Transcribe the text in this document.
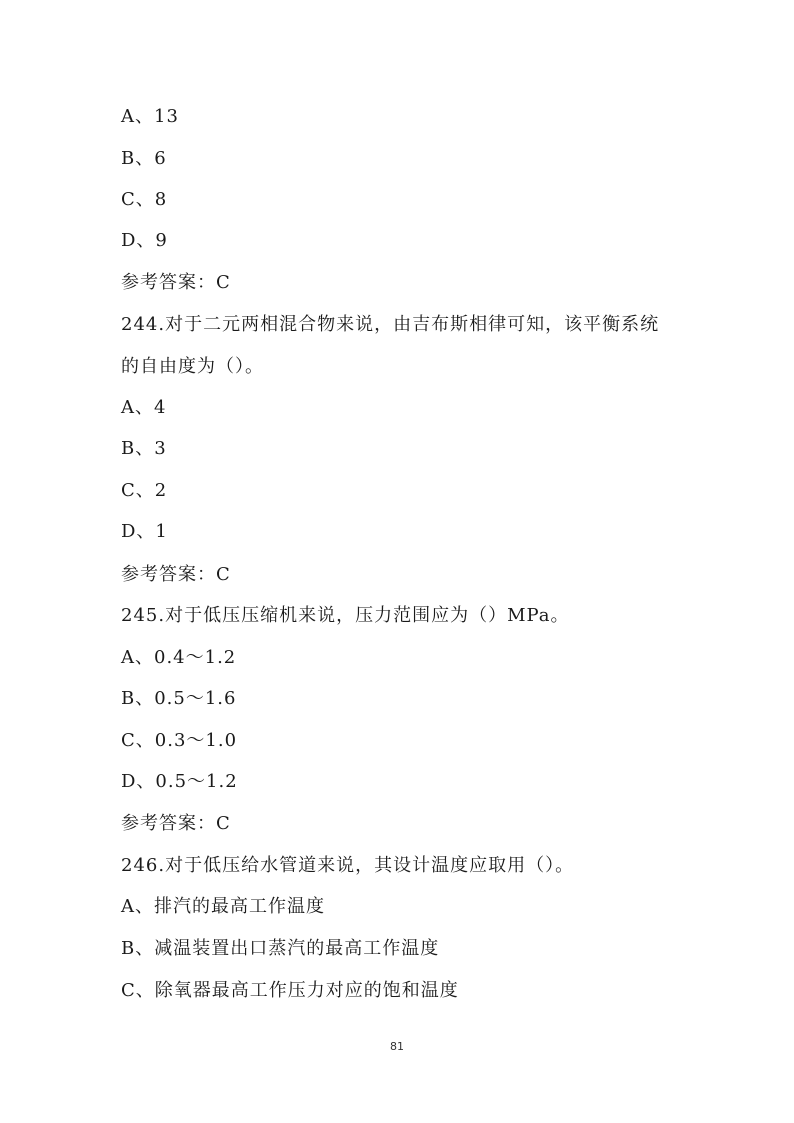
A、13
B、6
C、8
D、9
参考答案：C
244.对于二元两相混合物来说，由吉布斯相律可知，该平衡系统
的自由度为（）。
A、4
B、3
C、2
D、1
参考答案：C
245.对于低压压缩机来说，压力范围应为（）MPa。
A、0.4～1.2
B、0.5～1.6
C、0.3～1.0
D、0.5～1.2
参考答案：C
246.对于低压给水管道来说，其设计温度应取用（）。
A、排汽的最高工作温度
B、减温装置出口蒸汽的最高工作温度
C、除氧器最高工作压力对应的饱和温度
81
